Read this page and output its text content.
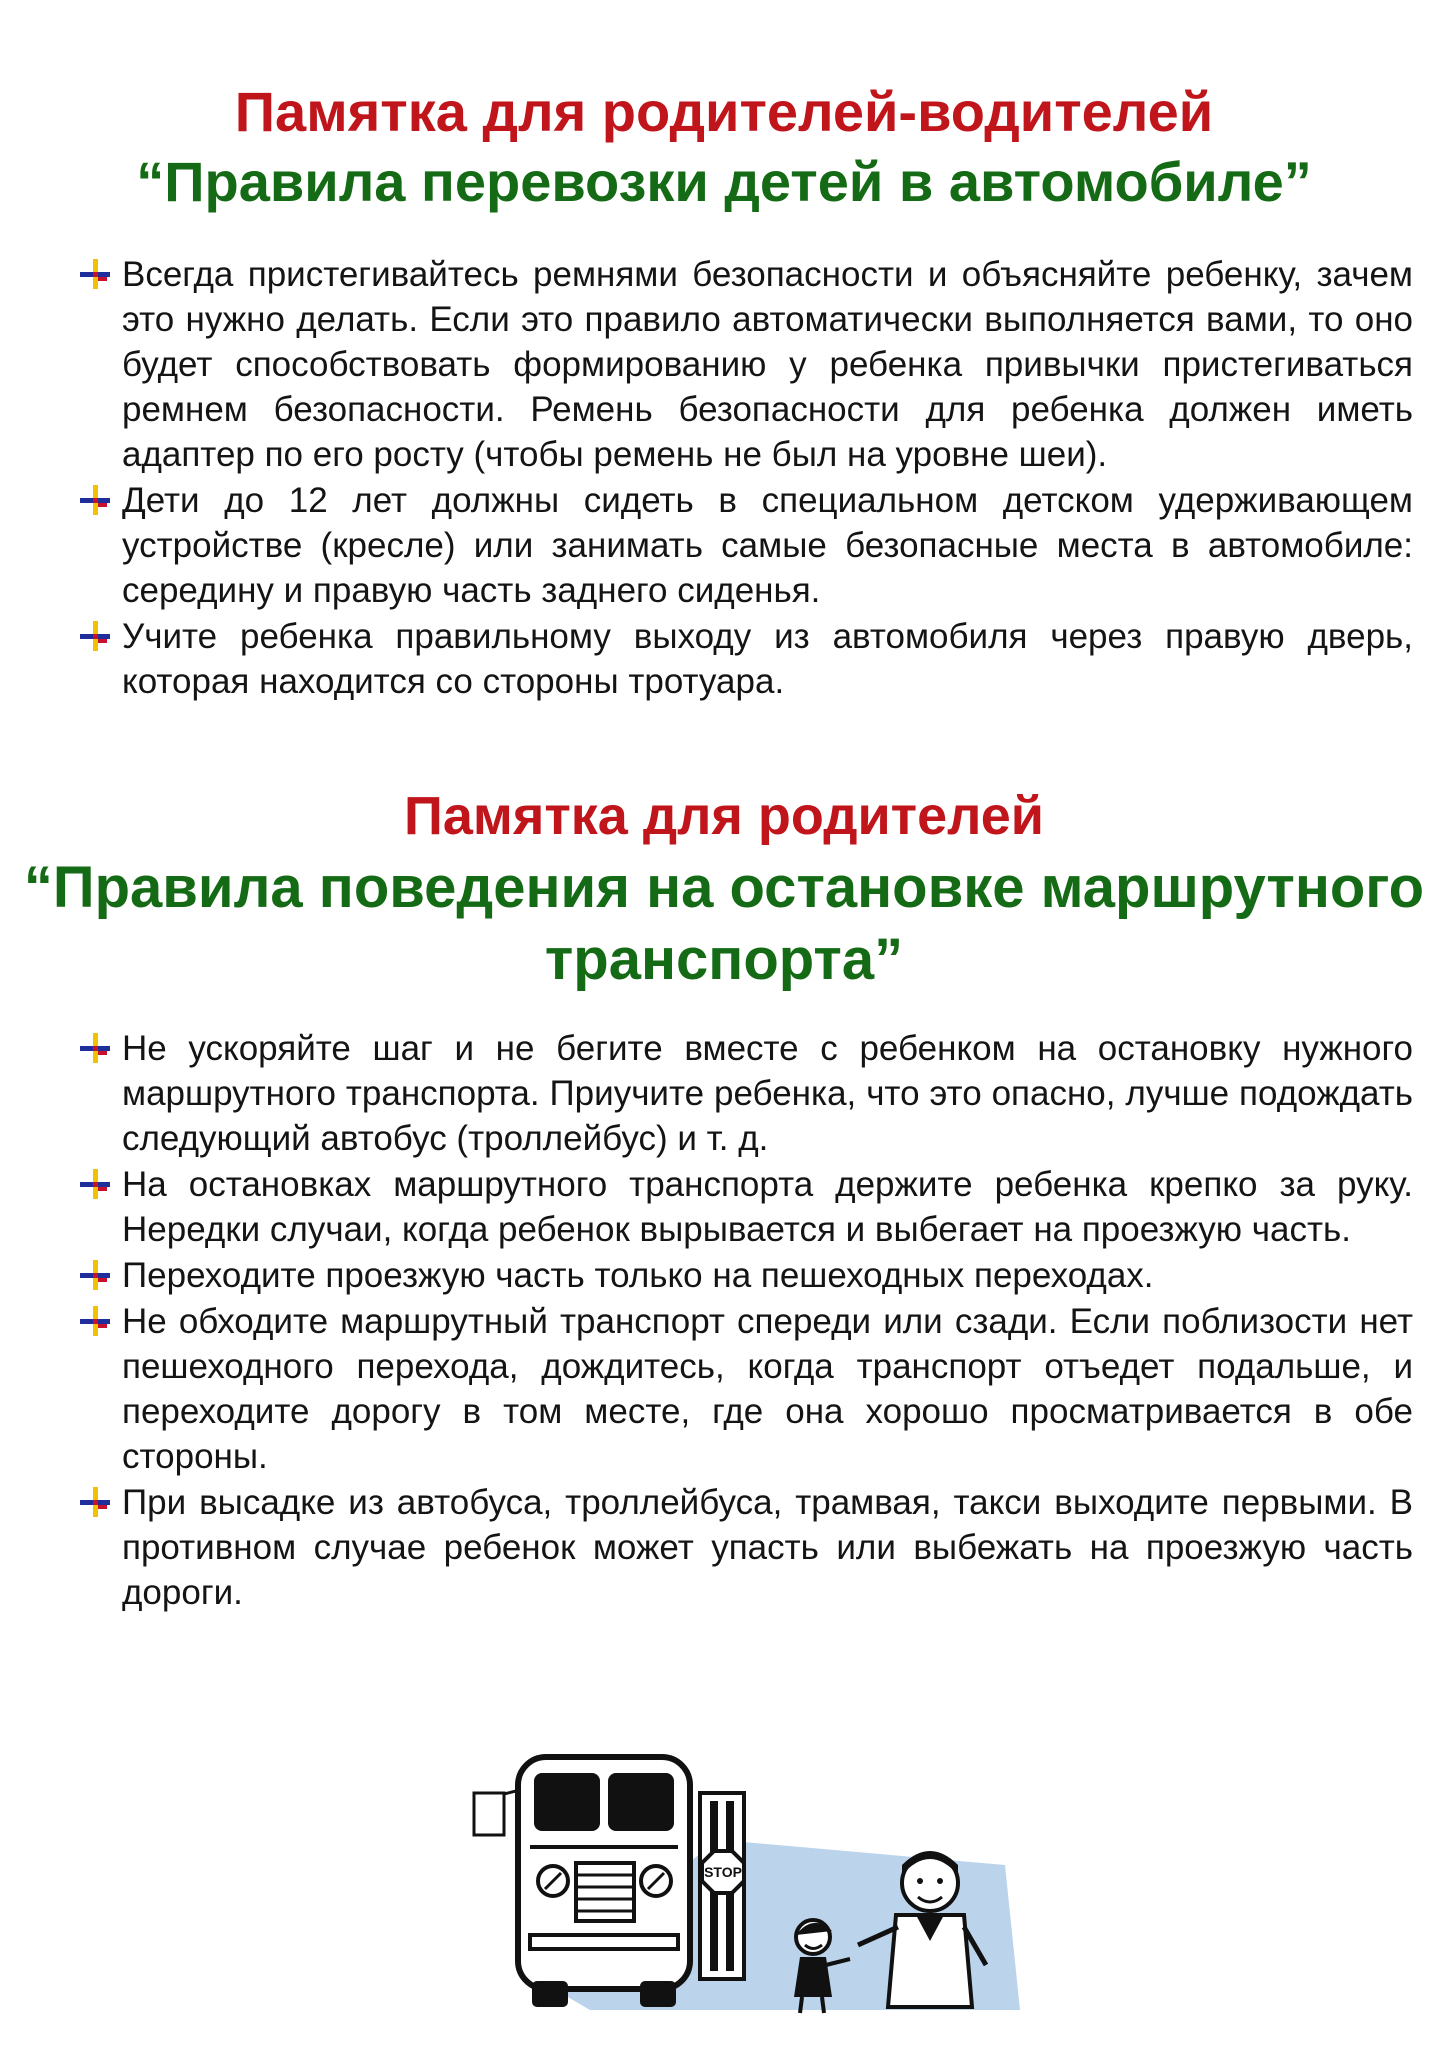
Памятка для родителей-водителей
“Правила перевозки детей в автомобиле”
Всегда пристегивайтесь ремнями безопасности и объясняйте ребенку, зачем это нужно делать. Если это правило автоматически выполняется вами, то оно будет способствовать формированию у ребенка привычки пристегиваться ремнем безопасности. Ремень безопасности для ребенка должен иметь адаптер по его росту (чтобы ремень не был на уровне шеи).
Дети до 12 лет должны сидеть в специальном детском удерживающем устройстве (кресле) или занимать самые безопасные места в автомобиле: середину и правую часть заднего сиденья.
Учите ребенка правильному выходу из автомобиля через правую дверь, которая находится со стороны тротуара.
Памятка для родителей
“Правила поведения на остановке маршрутного транспорта”
Не ускоряйте шаг и не бегите вместе с ребенком на остановку нужного маршрутного транспорта. Приучите ребенка, что это опасно, лучше подождать следующий автобус (троллейбус) и т. д.
На остановках маршрутного транспорта держите ребенка крепко за руку. Нередки случаи, когда ребенок вырывается и выбегает на проезжую часть.
Переходите проезжую часть только на пешеходных переходах.
Не обходите маршрутный транспорт спереди или сзади. Если поблизости нет пешеходного перехода, дождитесь, когда транспорт отъедет подальше, и переходите дорогу в том месте, где она хорошо просматривается в обе стороны.
При высадке из автобуса, троллейбуса, трамвая, такси выходите первыми. В противном случае ребенок может упасть или выбежать на проезжую часть дороги.
STOP
